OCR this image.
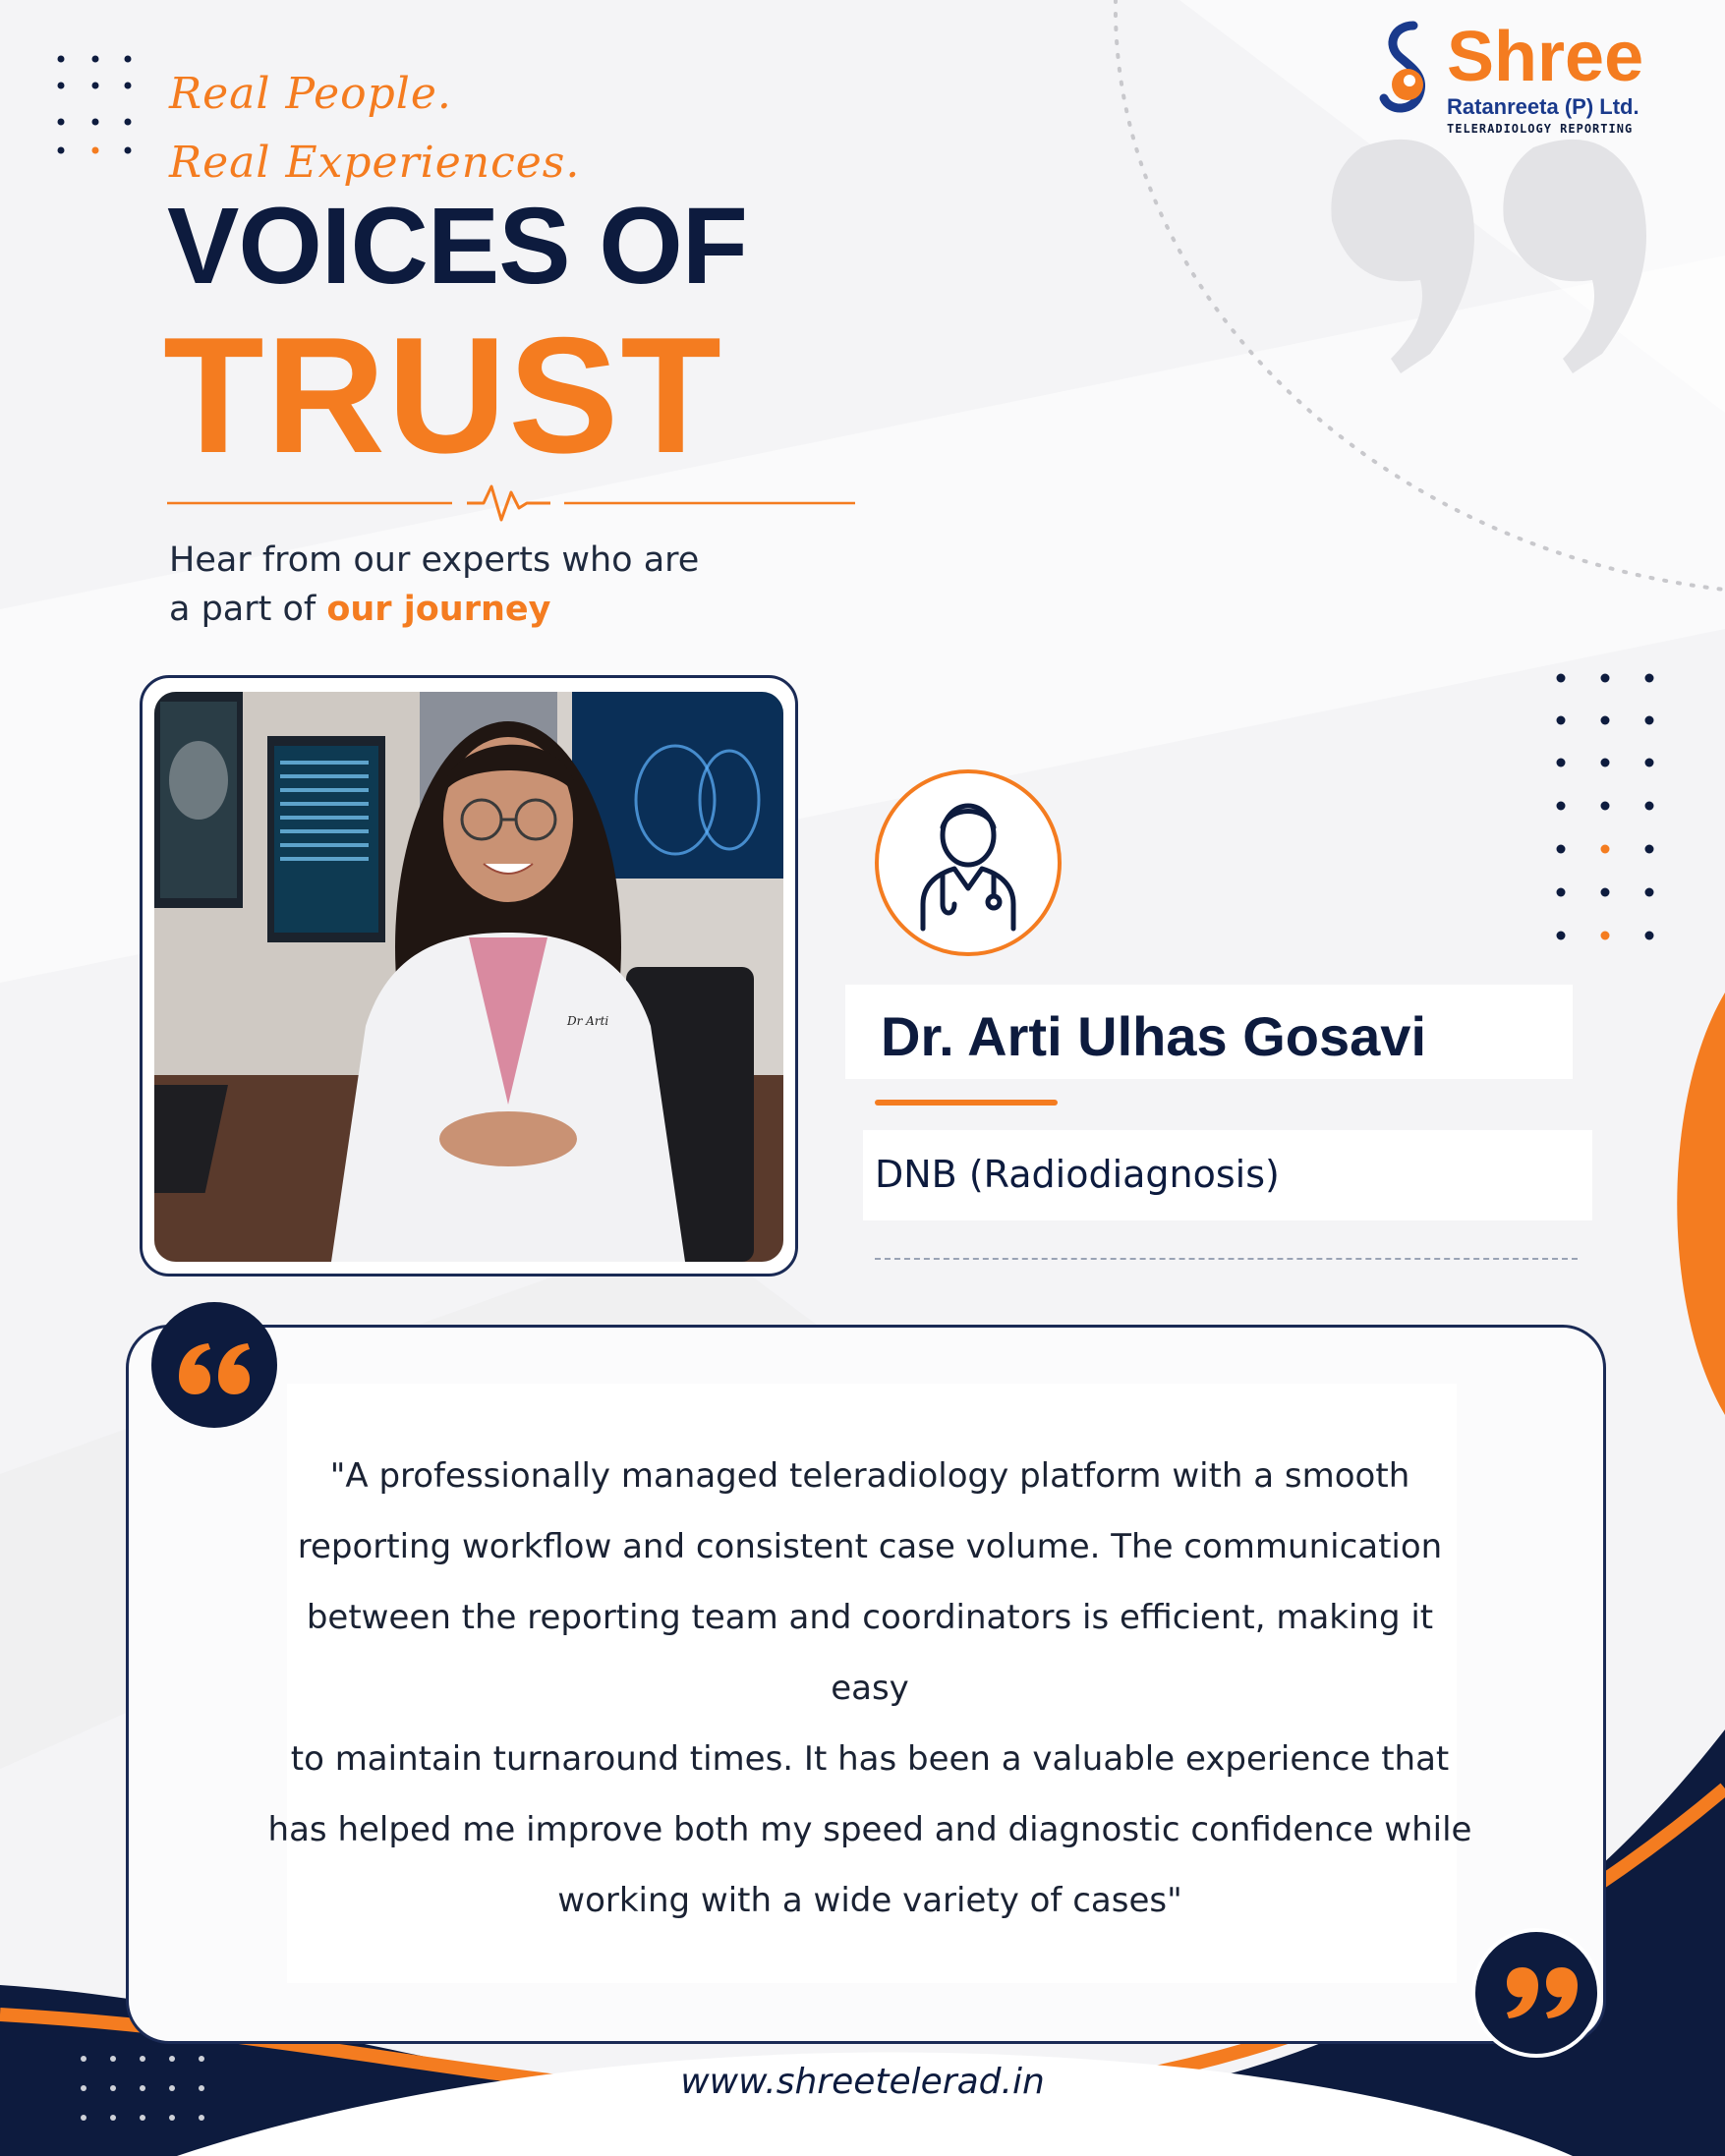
Real People.
Real Experiences.
VOICES OF
TRUST
Hear from our experts who are
a part of our journey
Shree
Ratanreeta (P) Ltd.
TELERADIOLOGY REPORTING
Dr Arti	Dr. Arti Ulhas Gosavi
DNB (Radiodiagnosis)
"A professionally managed teleradiology platform with a smooth
reporting workflow and consistent case volume. The communication
between the reporting team and coordinators is efficient, making it easy
to maintain turnaround times. It has been a valuable experience that
has helped me improve both my speed and diagnostic confidence while
working with a wide variety of cases"
www.shreetelerad.in
